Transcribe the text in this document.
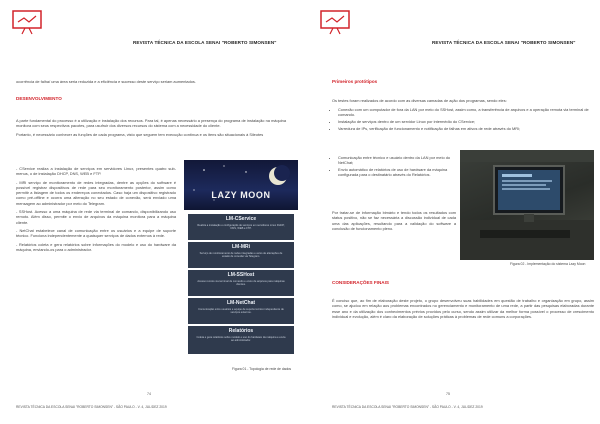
REVISTA TÉCNICA DA ESCOLA SENAI "ROBERTO SIMONSEN"
ocorrência de falha/ uma área seria reduzida e a eficiência e sucesso deste serviço seriam aumentados.
DESENVOLVIMENTO

A parte fundamental do processo é a utilização e instalação dos recursos. Para tal, é apenas necessário a presença do programa de instalação na máquina monitora com seus respectivos pacotes, para usufruir dos diversos recursos do sistema com a necessidade do cliente.

Portanto, é necessário conhecer as funções de cada programa, visto que seguem tem execução contínua e os itens são situacionais à Sileotes

- CService realiza a instalação de serviços em servidores Linux, presentes quatro sub-menus, o de instalação DHCP, DNS, WEB e FTP.

- MRi serviço de monitoramento de redes integradas, dentre as opções do software é possível registrar dispositivos de rede para seu monitoramento posterior, assim como permitir a listagem de todos os endereços conectados. Caso haja um dispositivo registrado como pré-offline e ocorra uma alteração no seu estado de conexão, será enviado uma mensagem ao administrador por meio do Telegram.

- SSHost. Acesso a uma máquina de rede via terminal de comando, disponibilizando uso remoto. Além disso, permite o envio de arquivos da máquina monitora para a máquina cliente.

- NetChat estabelece canal de comunicação entre os usuários e a equipe de suporte técnico. Funciona independentemente a quaisquer serviços de dados externos à rede.

- Relatórios coleta e gera relatórios sobre informações do modelo e uso do hardware da máquina, enviando-os para o administrador.

LAZY MOON
LM-CService
Realiza a instalação e configuração de serviços em servidores Linux DHCP, DNS, WEB e FTP.
LM-MRi
Serviço de monitoramento de redes integradas e aviso de alterações de estado de conexão via Telegram.
LM-SSHost
Acesso remoto via terminal de comando e envio de arquivos para máquinas clientes.
LM-NetChat
Comunicação entre usuários e equipe de suporte técnico independente de serviços externos.
Relatórios
Coleta e gera relatórios sobre modelo e uso do hardware da máquina e envia ao administrador.
Figura 01 - Topologia de rede de dados
74
REVISTA TÉCNICA DA ESCOLA SENAI "ROBERTO SIMONSEN" - SÃO PAULO - V. 4, JUL/DEZ 2019
REVISTA TÉCNICA DA ESCOLA SENAI "ROBERTO SIMONSEN"
Primeiros protótipos
Os testes foram realizados de acordo com as diversas camadas de ação dos programas, sendo eles:
• Conexão com um computador de fora da LAN por meio do SSHost, assim como, a transferência de arquivos e a operação remota via terminal de comando.
• Instalação de serviços dentro de um servidor Linux por intermédio do CService;
• Varredura de IPs, verificação de funcionamento e notificação de falhas em ativos de rede através do MRi;
• Comunicação entre técnico e usuário dentro da LAN por meio do NetChat;
• Envio automático de relatórios de uso de hardware da máquina configurada para o destinatário através do Relatórios.
Por tratar-se de informação bimário e tendo todos os resultados com status positivo, não se faz necessária a discussão individual de cada uma das aplicações, resultando para a validação do software a conclusão de funcionamento pleno.
Figura 02 - Implementação do sistema Lazy Moon
CONSIDERAÇÕES FINAIS
É conciso que, ao fim de elaboração deste projeto, o grupo desenvolveu suas habilidades em questão de trabalho e organização em grupo, assim como, se ajudou em relação aos problemas encontrados no gerenciamento e monitoramento de uma rede, a partir das pesquisas elaboradas durante esse ano e da utilização dos conhecimentos prévios providos pelo curso, sendo assim utilizar da melhor forma possível o processo de crescimento individual e evolução, além é claro da elaboração de soluções práticas à problemas de rede comuns a corporações.
75
REVISTA TÉCNICA DA ESCOLA SENAI "ROBERTO SIMONSEN" - SÃO PAULO - V. 4, JUL/DEZ 2019
